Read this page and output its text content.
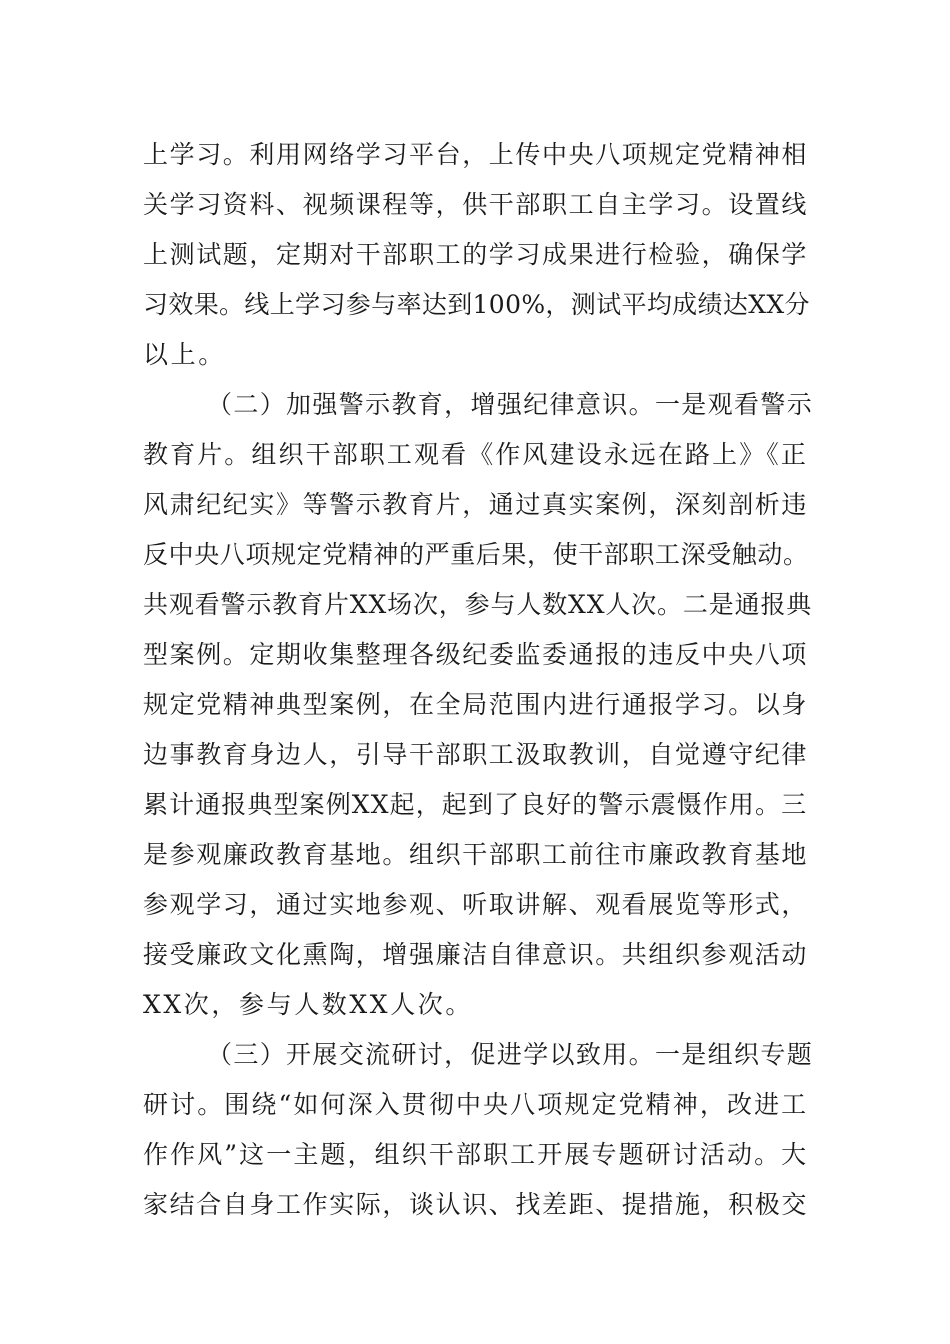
上学习。利用网络学习平台，上传中央八项规定党精神相
关学习资料、视频课程等，供干部职工自主学习。设置线
上测试题，定期对干部职工的学习成果进行检验，确保学
习效果。线上学习参与率达到100%，测试平均成绩达XX分
以上。
（二）加强警示教育，增强纪律意识。一是观看警示
教育片。组织干部职工观看《作风建设永远在路上》《正
风肃纪纪实》等警示教育片，通过真实案例，深刻剖析违
反中央八项规定党精神的严重后果，使干部职工深受触动。
共观看警示教育片XX场次，参与人数XX人次。二是通报典
型案例。定期收集整理各级纪委监委通报的违反中央八项
规定党精神典型案例，在全局范围内进行通报学习。以身
边事教育身边人，引导干部职工汲取教训，自觉遵守纪律
累计通报典型案例XX起，起到了良好的警示震慑作用。三
是参观廉政教育基地。组织干部职工前往市廉政教育基地
参观学习，通过实地参观、听取讲解、观看展览等形式，
接受廉政文化熏陶，增强廉洁自律意识。共组织参观活动
XX次，参与人数XX人次。
（三）开展交流研讨，促进学以致用。一是组织专题
研讨。围绕“如何深入贯彻中央八项规定党精神，改进工
作作风”这一主题，组织干部职工开展专题研讨活动。大
家结合自身工作实际，谈认识、找差距、提措施，积极交
